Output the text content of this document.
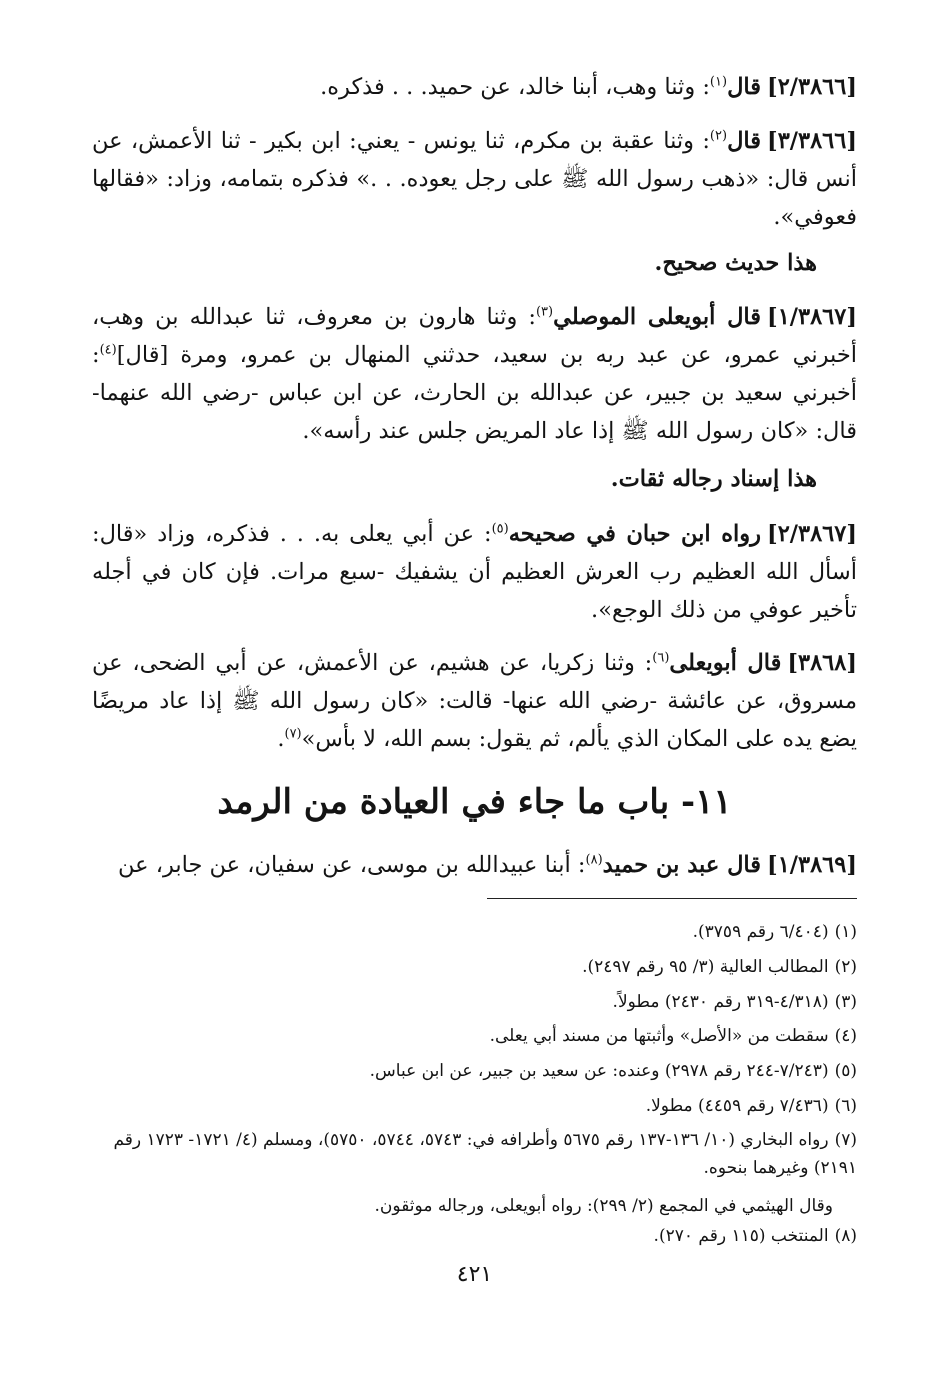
[٢/٣٨٦٦]قال$^{(١)}$: وثنا وهب، أبنا خالد، عن حميد. . . فذكره.
[٣/٣٨٦٦]قال$^{(٢)}$: وثنا عقبة بن مكرم، ثنا يونس - يعني: ابن بكير - ثنا الأعمش، عن أنس قال: «ذهب رسول الله ﷺ على رجل يعوده. . .» فذكره بتمامه، وزاد: «فقالها فعوفي».
هذا حديث صحيح.
[١/٣٨٦٧]قال أبويعلى الموصلي$^{(٣)}$: وثنا هارون بن معروف، ثنا عبدالله بن وهب، أخبرني عمرو، عن عبد ربه بن سعيد، حدثني المنهال بن عمرو، ومرة [قال]$^{(٤)}$: أخبرني سعيد بن جبير، عن عبدالله بن الحارث، عن ابن عباس -رضي الله عنهما- قال: «كان رسول الله ﷺ إذا عاد المريض جلس عند رأسه».
هذا إسناد رجاله ثقات.
[٢/٣٨٦٧]رواه ابن حبان في صحيحه$^{(٥)}$: عن أبي يعلى به. . . فذكره، وزاد «قال: أسأل الله العظيم رب العرش العظيم أن يشفيك -سبع مرات. فإن كان في أجله تأخير عوفي من ذلك الوجع».
[٣٨٦٨]قال أبويعلى$^{(٦)}$: وثنا زكريا، عن هشيم، عن الأعمش، عن أبي الضحى، عن مسروق، عن عائشة -رضي الله عنها- قالت: «كان رسول الله ﷺ إذا عاد مريضًا يضع يده على المكان الذي يألم، ثم يقول: بسم الله، لا بأس»$^{(٧)}$.
١١- باب ما جاء في العيادة من الرمد
[١/٣٨٦٩]قال عبد بن حميد$^{(٨)}$: أبنا عبيدالله بن موسى، عن سفيان، عن جابر، عن
(١)(٦/٤٠٤ رقم ٣٧٥٩).
(٢)المطالب العالية (٣/ ٩٥ رقم ٢٤٩٧).
(٣)(٤/٣١٨-٣١٩ رقم ٢٤٣٠) مطولاً.
(٤)سقطت من «الأصل» وأثبتها من مسند أبي يعلى.
(٥)(٧/٢٤٣-٢٤٤ رقم ٢٩٧٨) وعنده: عن سعيد بن جبير، عن ابن عباس.
(٦)(٧/٤٣٦ رقم ٤٤٥٩) مطولا.
(٧)رواه البخاري (١٠/ ١٣٦-١٣٧ رقم ٥٦٧٥ وأطرافه في: ٥٧٤٣، ٥٧٤٤، ٥٧٥٠)، ومسلم (٤/ ١٧٢١- ١٧٢٣ رقم ٢١٩١) وغيرهما بنحوه.
وقال الهيثمي في المجمع (٢/ ٢٩٩): رواه أبويعلى، ورجاله موثقون.
(٨)المنتخب (١١٥ رقم ٢٧٠).
٤٢١
